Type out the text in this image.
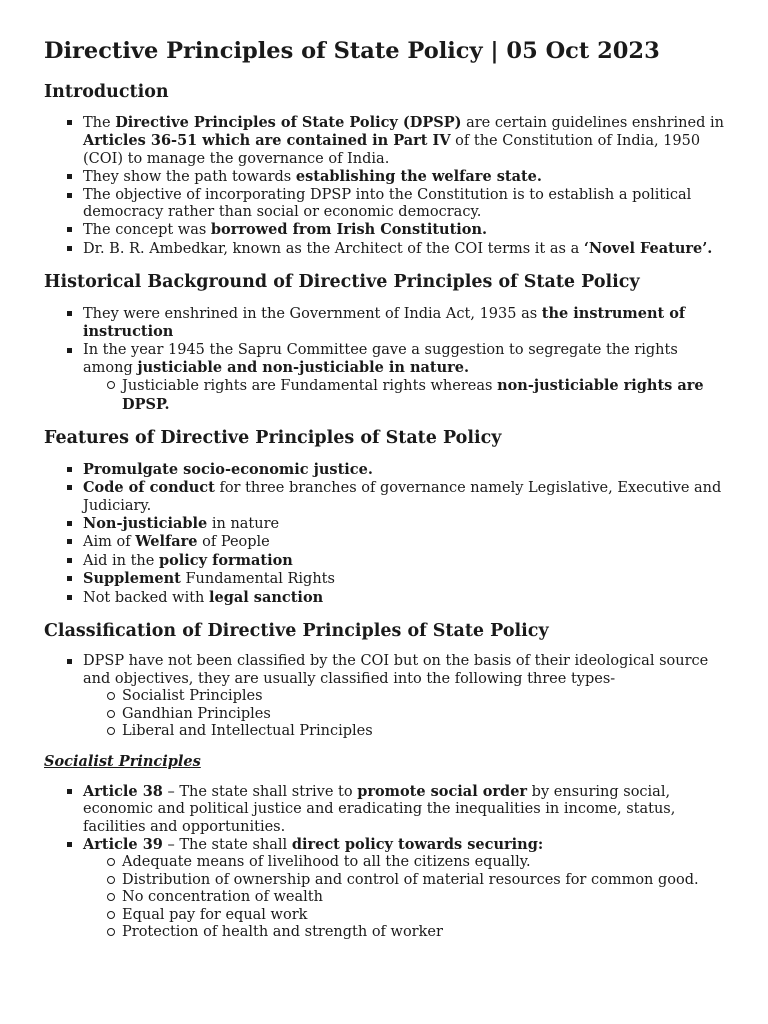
Directive Principles of State Policy | 05 Oct 2023
Introduction
The Directive Principles of State Policy (DPSP) are certain guidelines enshrined in Articles 36-51 which are contained in Part IV of the Constitution of India, 1950 (COI) to manage the governance of India.
They show the path towards establishing the welfare state.
The objective of incorporating DPSP into the Constitution is to establish a political democracy rather than social or economic democracy.
The concept was borrowed from Irish Constitution.
Dr. B. R. Ambedkar, known as the Architect of the COI terms it as a ‘Novel Feature’.
Historical Background of Directive Principles of State Policy
They were enshrined in the Government of India Act, 1935 as the instrument of instruction
In the year 1945 the Sapru Committee gave a suggestion to segregate the rights among justiciable and non-justiciable in nature.
Justiciable rights are Fundamental rights whereas non-justiciable rights are DPSP.
Features of Directive Principles of State Policy
Promulgate socio-economic justice.
Code of conduct for three branches of governance namely Legislative, Executive and Judiciary.
Non-justiciable in nature
Aim of Welfare of People
Aid in the policy formation
Supplement Fundamental Rights
Not backed with legal sanction
Classification of Directive Principles of State Policy
DPSP have not been classified by the COI but on the basis of their ideological source and objectives, they are usually classified into the following three types-
Socialist Principles
Gandhian Principles
Liberal and Intellectual Principles
Socialist Principles
Article 38 – The state shall strive to promote social order by ensuring social, economic and political justice and eradicating the inequalities in income, status, facilities and opportunities.
Article 39 – The state shall direct policy towards securing:
Adequate means of livelihood to all the citizens equally.
Distribution of ownership and control of material resources for common good.
No concentration of wealth
Equal pay for equal work
Protection of health and strength of worker
